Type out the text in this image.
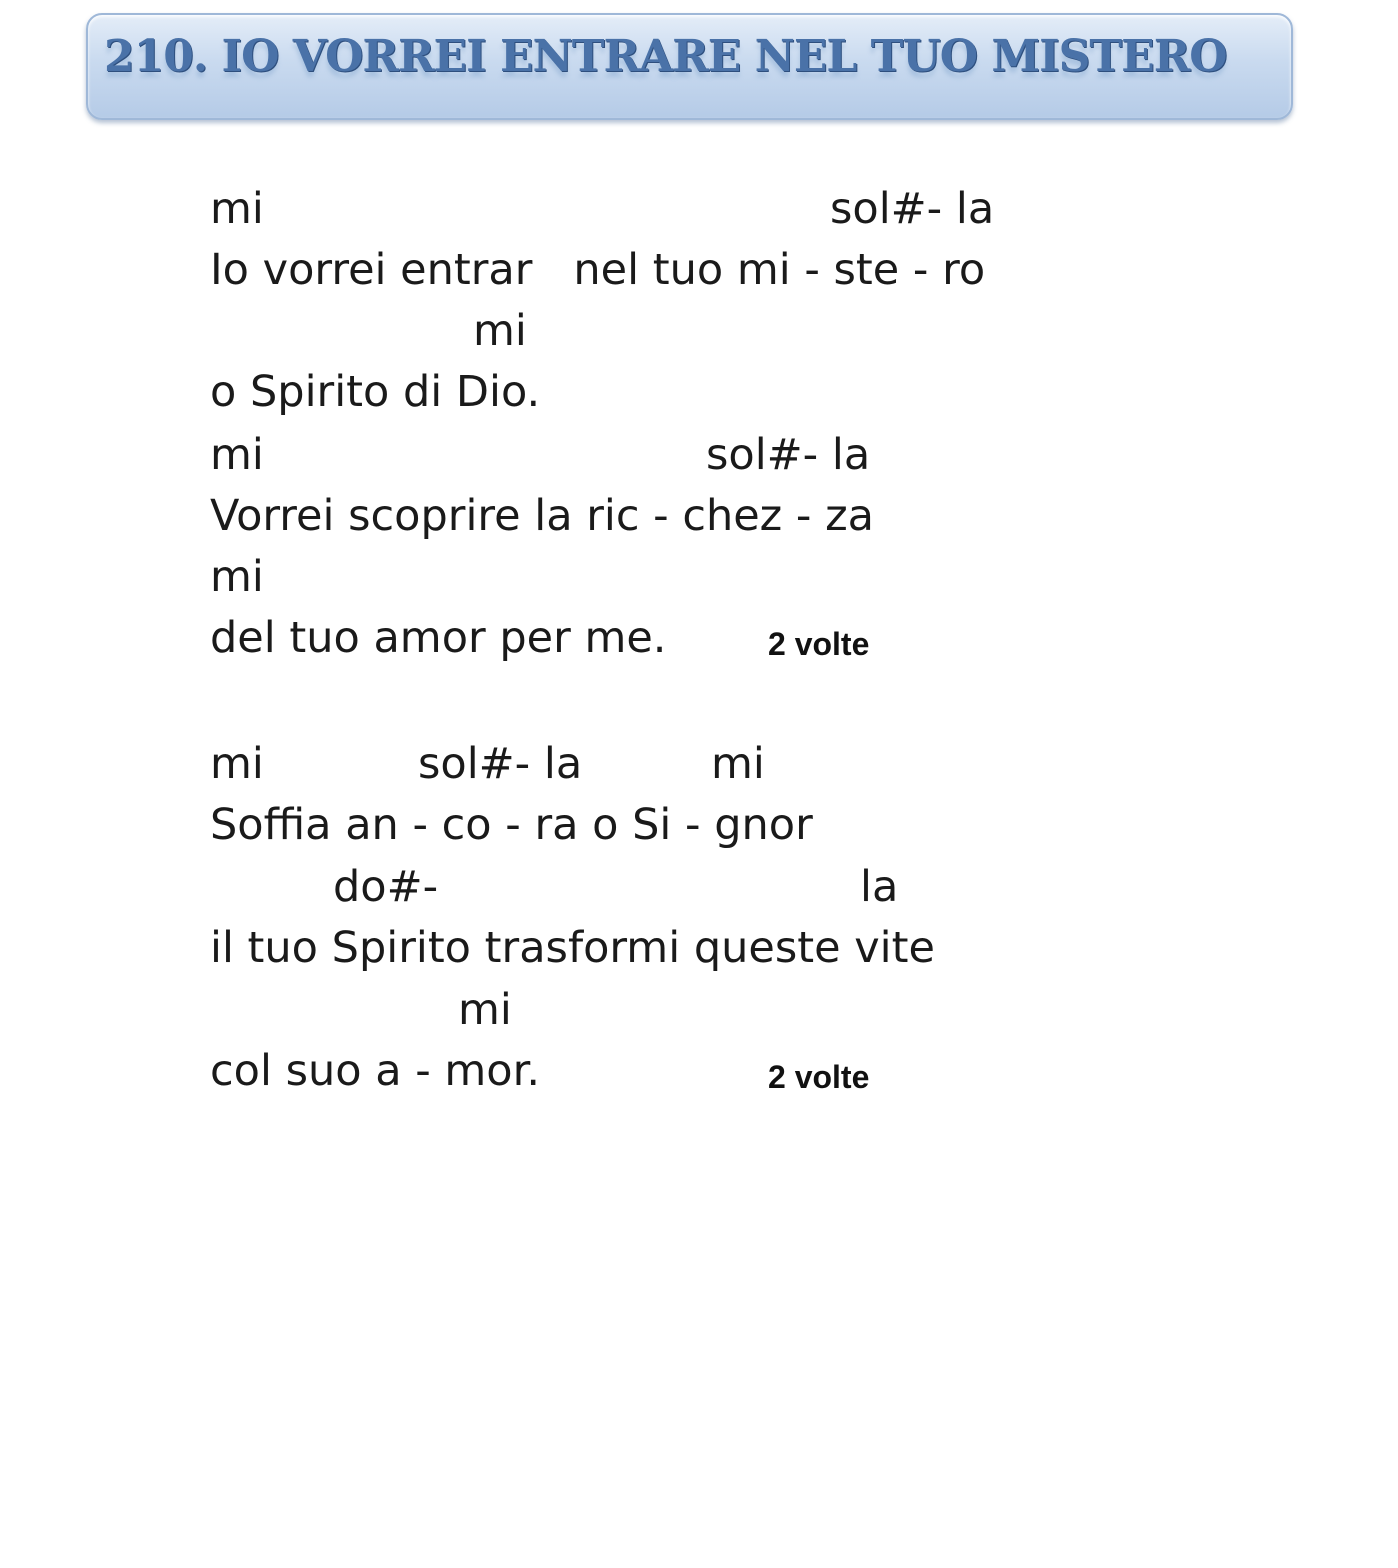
210. IO VORREI ENTRARE NEL TUO MISTERO
mi	sol#- la
Io vorrei entrar   nel tuo mi - ste - ro
mi
o Spirito di Dio.
mi	sol#- la
Vorrei scoprire la ric - chez - za
mi
del tuo amor per me.	2 volte
mi	sol#- la	mi
Soffia an - co - ra o Si - gnor
do#-	la
il tuo Spirito trasformi queste vite
mi
col suo a - mor.	2 volte
